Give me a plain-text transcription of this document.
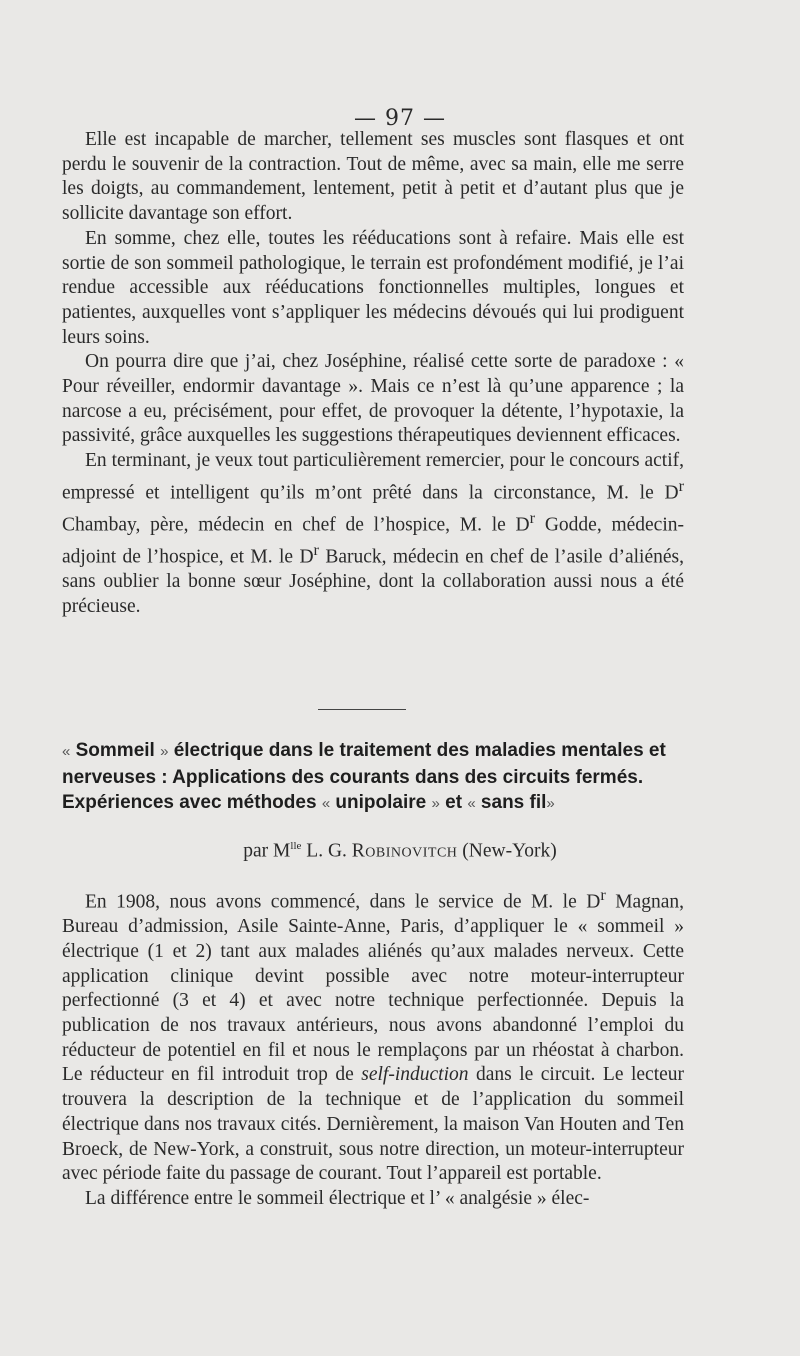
— 97 —

Elle est incapable de marcher, tellement ses muscles sont flasques et ont perdu le souvenir de la contraction. Tout de même, avec sa main, elle me serre les doigts, au commandement, lentement, petit à petit et d’autant plus que je sollicite davantage son effort.

En somme, chez elle, toutes les rééducations sont à refaire. Mais elle est sortie de son sommeil pathologique, le terrain est profondément modifié, je l’ai rendue accessible aux rééducations fonctionnelles multiples, longues et patientes, auxquelles vont s’appliquer les médecins dévoués qui lui prodiguent leurs soins.

On pourra dire que j’ai, chez Joséphine, réalisé cette sorte de paradoxe : « Pour réveiller, endormir davantage ». Mais ce n’est là qu’une apparence ; la narcose a eu, précisément, pour effet, de provoquer la détente, l’hypotaxie, la passivité, grâce auxquelles les suggestions thérapeutiques deviennent efficaces.

En terminant, je veux tout particulièrement remercier, pour le concours actif, empressé et intelligent qu’ils m’ont prêté dans la circonstance, M. le $D^r$ Chambay, père, médecin en chef de l’hospice, M. le $D^r$ Godde, médecin-adjoint de l’hospice, et M. le $D^r$ Baruck, médecin en chef de l’asile d’aliénés, sans oublier la bonne sœur Joséphine, dont la collaboration aussi nous a été précieuse.

« Sommeil » électrique dans le traitement des maladies mentales et nerveuses : Applications des courants dans des circuits fermés. Expériences avec méthodes « unipolaire » et « sans fil»
par $M^{lle}$ L. G. Robinovitch (New-York)

En 1908, nous avons commencé, dans le service de M. le $D^r$ Magnan, Bureau d’admission, Asile Sainte-Anne, Paris, d’appliquer le « sommeil » électrique (1 et 2) tant aux malades aliénés qu’aux malades nerveux. Cette application clinique devint possible avec notre moteur-interrupteur perfectionné (3 et 4) et avec notre technique perfectionnée. Depuis la publication de nos travaux antérieurs, nous avons abandonné l’emploi du réducteur de potentiel en fil et nous le remplaçons par un rhéostat à charbon. Le réducteur en fil introduit trop de self-induction dans le circuit. Le lecteur trouvera la description de la technique et de l’application du sommeil électrique dans nos travaux cités. Dernièrement, la maison Van Houten and Ten Broeck, de New-York, a construit, sous notre direction, un moteur-interrupteur avec période faite du passage de courant. Tout l’appareil est portable.

La différence entre le sommeil électrique et l’ « analgésie » élec-
